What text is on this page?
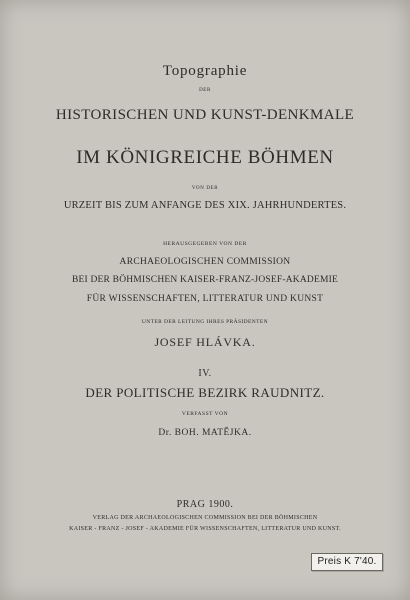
Topographie
DER
HISTORISCHEN UND KUNST-DENKMALE
IM KÖNIGREICHE BÖHMEN
VON DER
URZEIT BIS ZUM ANFANGE DES XIX. JAHRHUNDERTES.
HERAUSGEGEBEN VON DER
ARCHAEOLOGISCHEN COMMISSION
BEI DER BÖHMISCHEN KAISER-FRANZ-JOSEF-AKADEMIE
FÜR WISSENSCHAFTEN, LITTERATUR UND KUNST
UNTER DER LEITUNG IHRES PRÄSIDENTEN
JOSEF HLÁVKA.
IV.
DER POLITISCHE BEZIRK RAUDNITZ.
VERFASST VON
Dr. BOH. MATĚJKA.
PRAG 1900.
VERLAG DER ARCHAEOLOGISCHEN COMMISSION BEI DER BÖHMISCHEN
KAISER - FRANZ - JOSEF - AKADEMIE FÜR WISSENSCHAFTEN, LITTERATUR UND KUNST.
Preis K 7'40.
